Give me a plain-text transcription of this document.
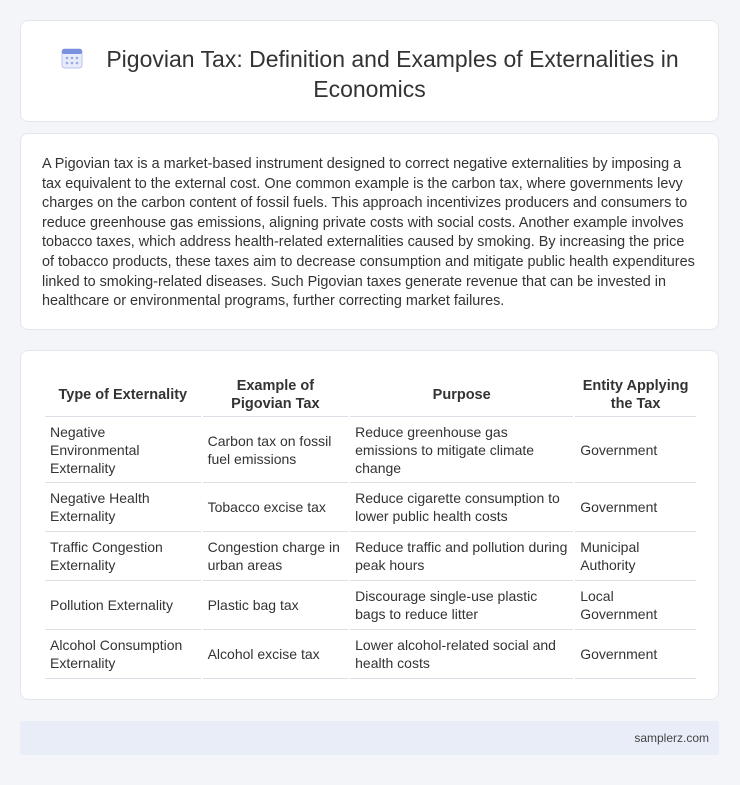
Pigovian Tax: Definition and Examples of Externalities in Economics

A Pigovian tax is a market-based instrument designed to correct negative externalities by imposing a tax equivalent to the external cost. One common example is the carbon tax, where governments levy charges on the carbon content of fossil fuels. This approach incentivizes producers and consumers to reduce greenhouse gas emissions, aligning private costs with social costs. Another example involves tobacco taxes, which address health-related externalities caused by smoking. By increasing the price of tobacco products, these taxes aim to decrease consumption and mitigate public health expenditures linked to smoking-related diseases. Such Pigovian taxes generate revenue that can be invested in healthcare or environmental programs, further correcting market failures.

Type of Externality	Example of Pigovian Tax	Purpose	Entity Applying the Tax
Negative Environmental Externality	Carbon tax on fossil fuel emissions	Reduce greenhouse gas emissions to mitigate climate change	Government
Negative Health Externality	Tobacco excise tax	Reduce cigarette consumption to lower public health costs	Government
Traffic Congestion Externality	Congestion charge in urban areas	Reduce traffic and pollution during peak hours	Municipal Authority
Pollution Externality	Plastic bag tax	Discourage single-use plastic bags to reduce litter	Local Government
Alcohol Consumption Externality	Alcohol excise tax	Lower alcohol-related social and health costs	Government
samplerz.com
